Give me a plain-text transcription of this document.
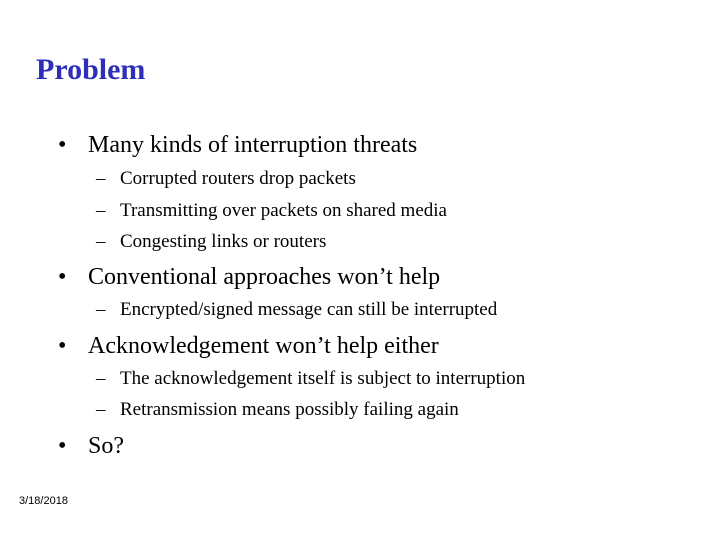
Problem
• Many kinds of interruption threats
– Corrupted routers drop packets
– Transmitting over packets on shared media
– Congesting links or routers
• Conventional approaches won’t help
– Encrypted/signed message can still be interrupted
• Acknowledgement won’t help either
– The acknowledgement itself is subject to interruption
– Retransmission means possibly failing again
• So?
3/18/2018
